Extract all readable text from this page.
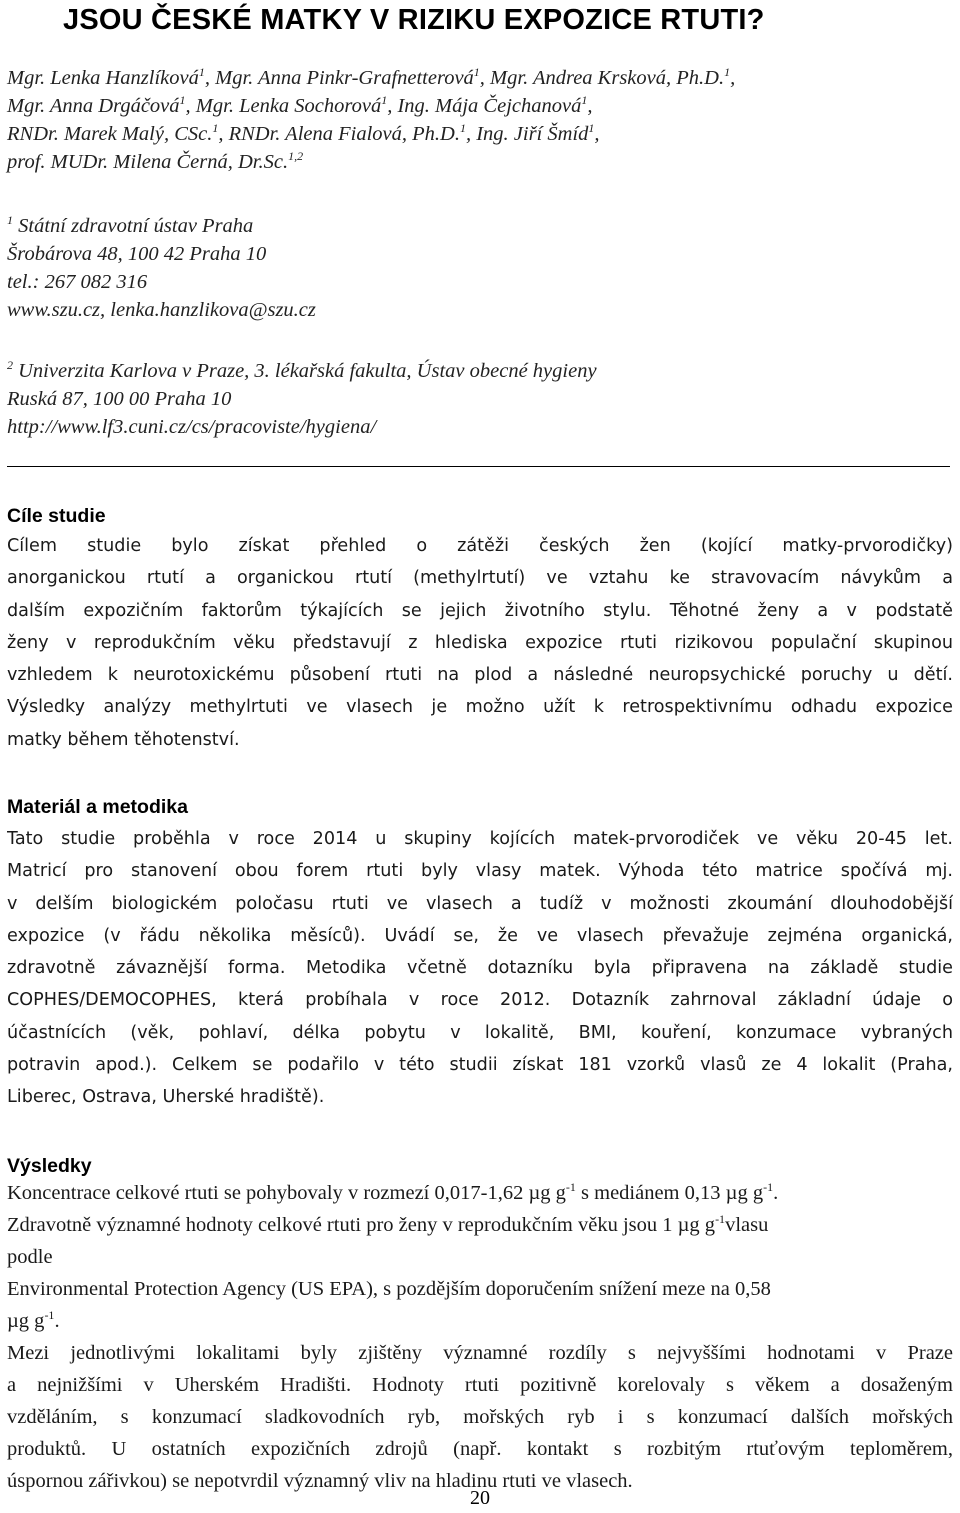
JSOU ČESKÉ MATKY V RIZIKU EXPOZICE RTUTI?
Mgr. Lenka Hanzlíková$^1$, Mgr. Anna Pinkr-Grafnetterová$^1$, Mgr. Andrea Krsková, Ph.D.$^1$,
Mgr. Anna Drgáčová$^1$, Mgr. Lenka Sochorová$^1$, Ing. Mája Čejchanová$^1$,
RNDr. Marek Malý, CSc.$^1$, RNDr. Alena Fialová, Ph.D.$^1$, Ing. Jiří Šmíd$^1$,
prof. MUDr. Milena Černá, Dr.Sc.$^{1,2}$
$^1$ Státní zdravotní ústav Praha
Šrobárova 48, 100 42 Praha 10
tel.: 267 082 316
www.szu.cz, lenka.hanzlikova@szu.cz
$^2$ Univerzita Karlova v Praze, 3. lékařská fakulta, Ústav obecné hygieny
Ruská 87, 100 00 Praha 10
http://www.lf3.cuni.cz/cs/pracoviste/hygiena/
Cíle studie
Cílem studie bylo získat přehled o zátěži českých žen (kojící matky-prvorodičky)
anorganickou rtutí a organickou rtutí (methylrtutí) ve vztahu ke stravovacím návykům a
dalším expozičním faktorům týkajících se jejich životního stylu. Těhotné ženy a v podstatě
ženy v reprodukčním věku představují z hlediska expozice rtuti rizikovou populační skupinou
vzhledem k neurotoxickému působení rtuti na plod a následné neuropsychické poruchy u dětí.
Výsledky analýzy methylrtuti ve vlasech je možno užít k retrospektivnímu odhadu expozice
matky během těhotenství.
Materiál a metodika
Tato studie proběhla v roce 2014 u skupiny kojících matek-prvorodiček ve věku 20-45 let.
Matricí pro stanovení obou forem rtuti byly vlasy matek. Výhoda této matrice spočívá mj.
v delším biologickém poločasu rtuti ve vlasech a tudíž v možnosti zkoumání dlouhodobější
expozice (v řádu několika měsíců). Uvádí se, že ve vlasech převažuje zejména organická,
zdravotně závaznější forma. Metodika včetně dotazníku byla připravena na základě studie
COPHES/DEMOCOPHES, která probíhala v roce 2012. Dotazník zahrnoval základní údaje o
účastnících (věk, pohlaví, délka pobytu v lokalitě, BMI, kouření, konzumace vybraných
potravin apod.). Celkem se podařilo v této studii získat 181 vzorků vlasů ze 4 lokalit (Praha,
Liberec, Ostrava, Uherské hradiště).
Výsledky
Koncentrace celkové rtuti se pohybovaly v rozmezí 0,017-1,62 µg $g^{-1}$ s mediánem 0,13 µg $g^{-1}$.
Zdravotně významné hodnoty celkové rtuti pro ženy v reprodukčním věku jsou 1 µg $g^{-1}vlasu$
podle
Environmental Protection Agency (US EPA), s pozdějším doporučením snížení meze na 0,58
µg $g^{-1}$.
Mezi jednotlivými lokalitami byly zjištěny významné rozdíly s nejvyššími hodnotami v Praze
a nejnižšími v Uherském Hradišti. Hodnoty rtuti pozitivně korelovaly s věkem a dosaženým
vzděláním, s konzumací sladkovodních ryb, mořských ryb i s konzumací dalších mořských
produktů. U ostatních expozičních zdrojů (např. kontakt s rozbitým rtuťovým teploměrem,
úspornou zářivkou) se nepotvrdil významný vliv na hladinu rtuti ve vlasech.
20
